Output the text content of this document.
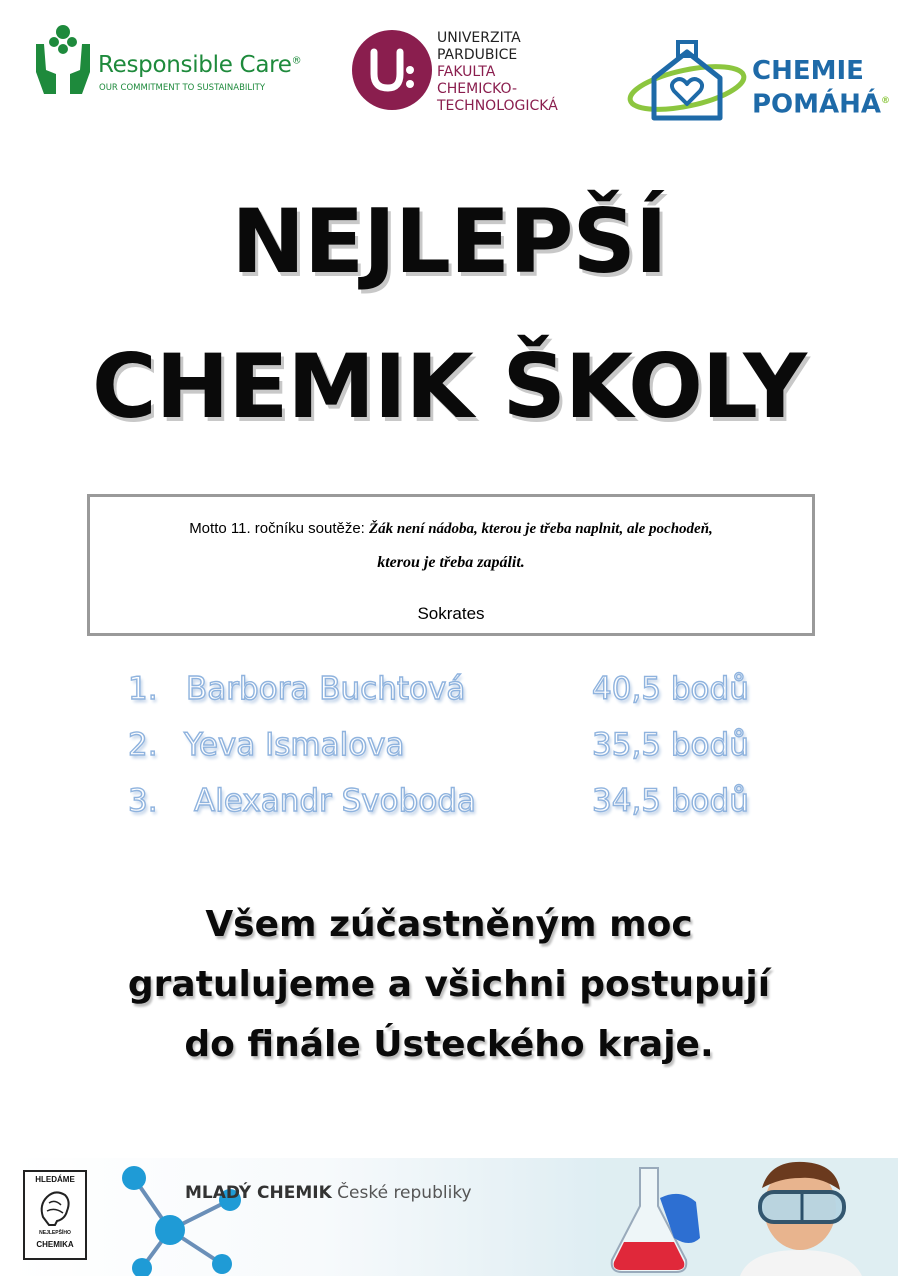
Responsible Care®
OUR COMMITMENT TO SUSTAINABILITY
UNIVERZITA
PARDUBICE
FAKULTA
CHEMICKO-
TECHNOLOGICKÁ
CHEMIE
POMÁHÁ®
NEJLEPŠÍ
CHEMIK ŠKOLY
Motto 11. ročníku soutěže: Žák není nádoba, kterou je třeba naplnit, ale pochodeň,
kterou je třeba zapálit.
Sokrates
1. Barbora Buchtová	40,5 bodů
2. Yeva Ismalova	35,5 bodů
3. Alexandr Svoboda	34,5 bodů
Všem zúčastněným moc
gratulujeme a všichni postupují
do finále Ústeckého kraje.
HLEDÁME
NEJLEPŠÍHO
CHEMIKA
MLADÝ CHEMIK České republiky
